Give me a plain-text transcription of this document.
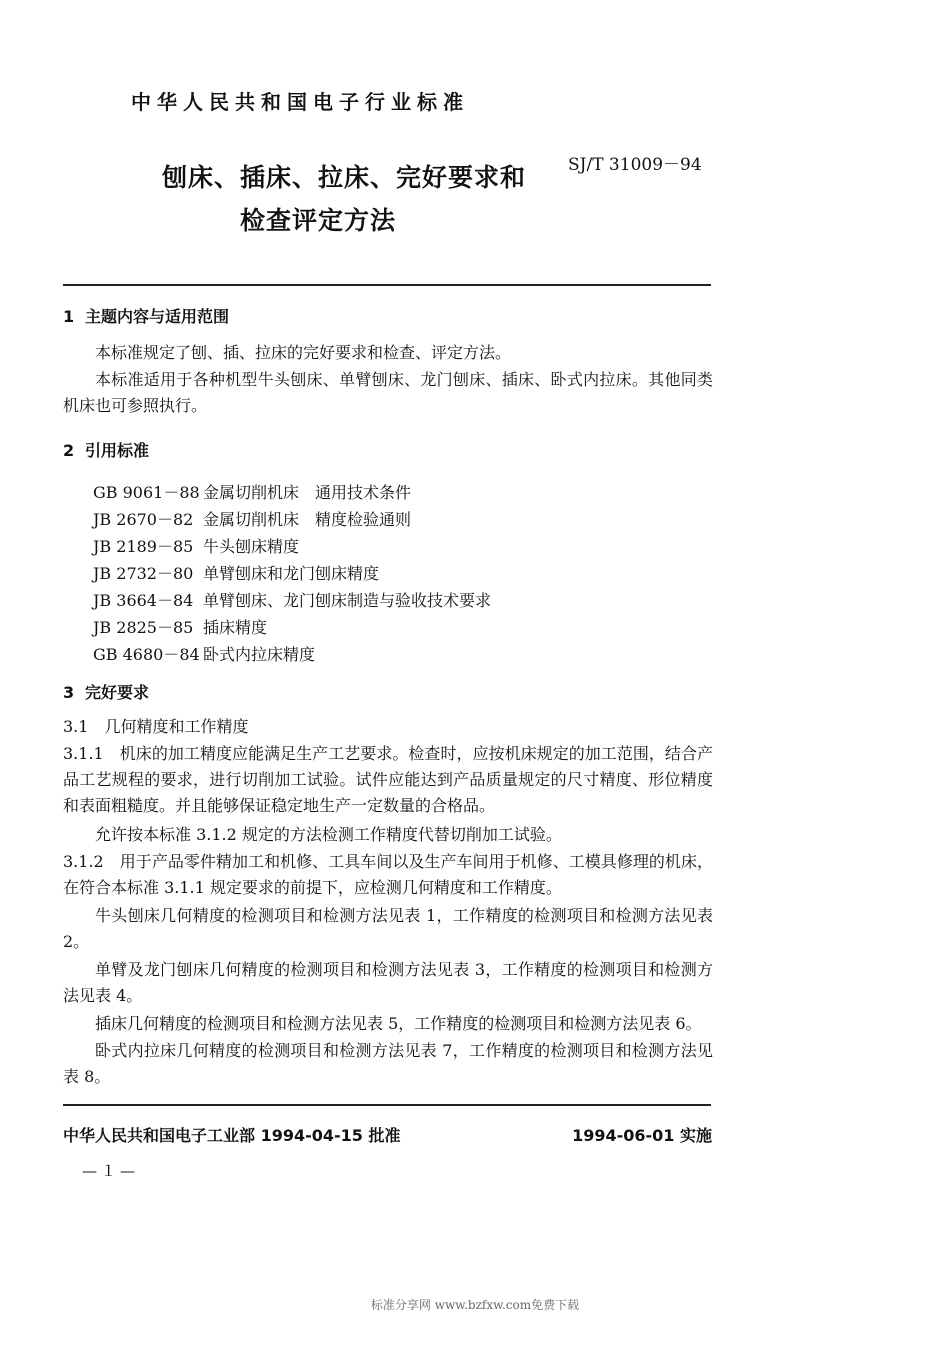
中华人民共和国电子行业标准
SJ/T 31009－94
刨床、插床、拉床、完好要求和
检查评定方法
1 主题内容与适用范围
本标准规定了刨、插、拉床的完好要求和检查、评定方法。
本标准适用于各种机型牛头刨床、单臂刨床、龙门刨床、插床、卧式内拉床。其他同类机床也可参照执行。
2 引用标准
GB 9061－88 金属切削机床　通用技术条件
JB 2670－82 金属切削机床　精度检验通则
JB 2189－85 牛头刨床精度
JB 2732－80 单臂刨床和龙门刨床精度
JB 3664－84 单臂刨床、龙门刨床制造与验收技术要求
JB 2825－85 插床精度
GB 4680－84 卧式内拉床精度
3 完好要求
3.1　几何精度和工作精度
3.1.1　机床的加工精度应能满足生产工艺要求。检查时，应按机床规定的加工范围，结合产品工艺规程的要求，进行切削加工试验。试件应能达到产品质量规定的尺寸精度、形位精度和表面粗糙度。并且能够保证稳定地生产一定数量的合格品。
允许按本标准 3.1.2 规定的方法检测工作精度代替切削加工试验。
3.1.2　用于产品零件精加工和机修、工具车间以及生产车间用于机修、工模具修理的机床，在符合本标准 3.1.1 规定要求的前提下，应检测几何精度和工作精度。
牛头刨床几何精度的检测项目和检测方法见表 1，工作精度的检测项目和检测方法见表 2。
单臂及龙门刨床几何精度的检测项目和检测方法见表 3，工作精度的检测项目和检测方法见表 4。
插床几何精度的检测项目和检测方法见表 5，工作精度的检测项目和检测方法见表 6。
卧式内拉床几何精度的检测项目和检测方法见表 7，工作精度的检测项目和检测方法见表 8。
中华人民共和国电子工业部 1994-04-15 批准	1994-06-01 实施
—１—
标准分享网 www.bzfxw.com免费下载
